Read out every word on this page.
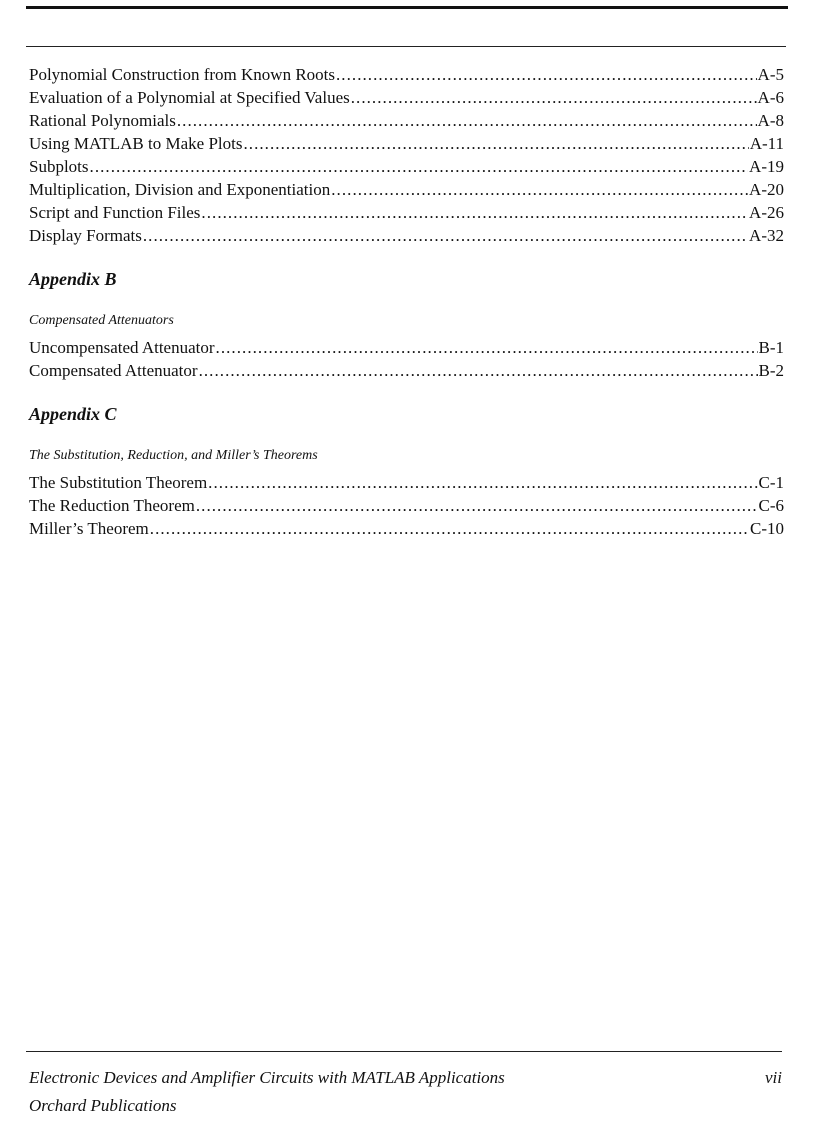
Polynomial Construction from Known Roots . . .	A-5
Evaluation of a Polynomial at Specified Values . . .	A-6
Rational Polynomials . . .	A-8
Using MATLAB to Make Plots . . .	A-11
Subplots . . .	A-19
Multiplication, Division and Exponentiation . . .	A-20
Script and Function Files . . .	A-26
Display Formats . . .	A-32
Appendix B
Compensated Attenuators
Uncompensated Attenuator . . .	B-1
Compensated Attenuator . . .	B-2
Appendix C
The Substitution, Reduction, and Miller’s Theorems
The Substitution Theorem . . .	C-1
The Reduction Theorem . . .	C-6
Miller’s Theorem . . .	C-10
Electronic Devices and Amplifier Circuits with MATLAB Applications	vii
Orchard Publications
